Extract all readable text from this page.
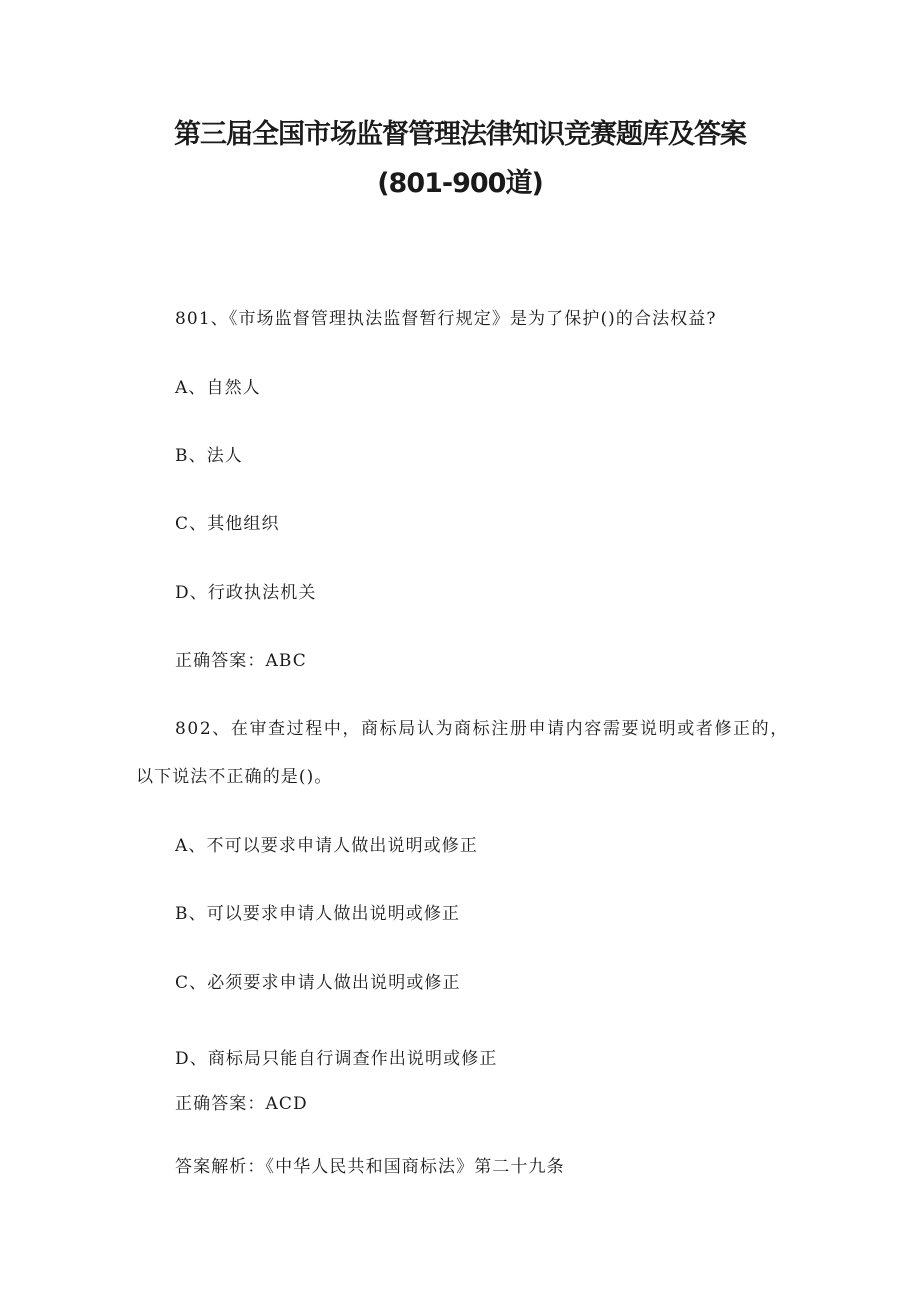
第三届全国市场监督管理法律知识竞赛题库及答案
(801-900道)
801、《市场监督管理执法监督暂行规定》是为了保护()的合法权益?
A、自然人
B、法人
C、其他组织
D、行政执法机关
正确答案：ABC
802、在审查过程中，商标局认为商标注册申请内容需要说明或者修正的，
以下说法不正确的是()。
A、不可以要求申请人做出说明或修正
B、可以要求申请人做出说明或修正
C、必须要求申请人做出说明或修正
D、商标局只能自行调查作出说明或修正
正确答案：ACD
答案解析：《中华人民共和国商标法》第二十九条
